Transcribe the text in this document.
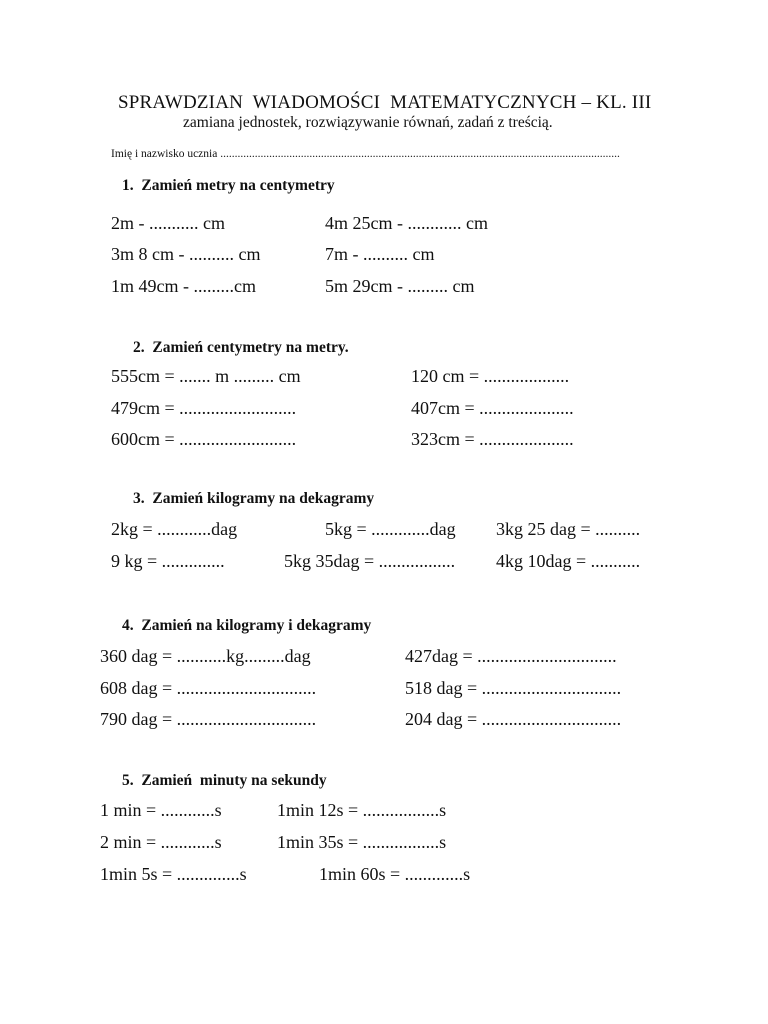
SPRAWDZIAN  WIADOMOŚCI  MATEMATYCZNYCH – KL. III
zamiana jednostek, rozwiązywanie równań, zadań z treścią.
Imię i nazwisko ucznia ...........................................................................................................................................
1.  Zamień metry na centymetry
2m - ........... cm	4m 25cm - ............ cm
3m 8 cm - .......... cm	7m - .......... cm
1m 49cm - .........cm	5m 29cm - ......... cm
2.  Zamień centymetry na metry.
555cm = ....... m ......... cm	120 cm = ...................
479cm = ..........................	407cm = .....................
600cm = ..........................	323cm = .....................
3.  Zamień kilogramy na dekagramy
2kg = ............dag	5kg = .............dag 3kg 25 dag = ..........
9 kg = ..............	5kg 35dag = ................. 4kg 10dag = ...........
4.  Zamień na kilogramy i dekagramy
360 dag = ...........kg.........dag	427dag = ...............................
608 dag = ...............................	518 dag = ...............................
790 dag = ...............................	204 dag = ...............................
5.  Zamień  minuty na sekundy
1 min = ............s	1min 12s = .................s
2 min = ............s	1min 35s = .................s
1min 5s = ..............s	1min 60s = .............s
